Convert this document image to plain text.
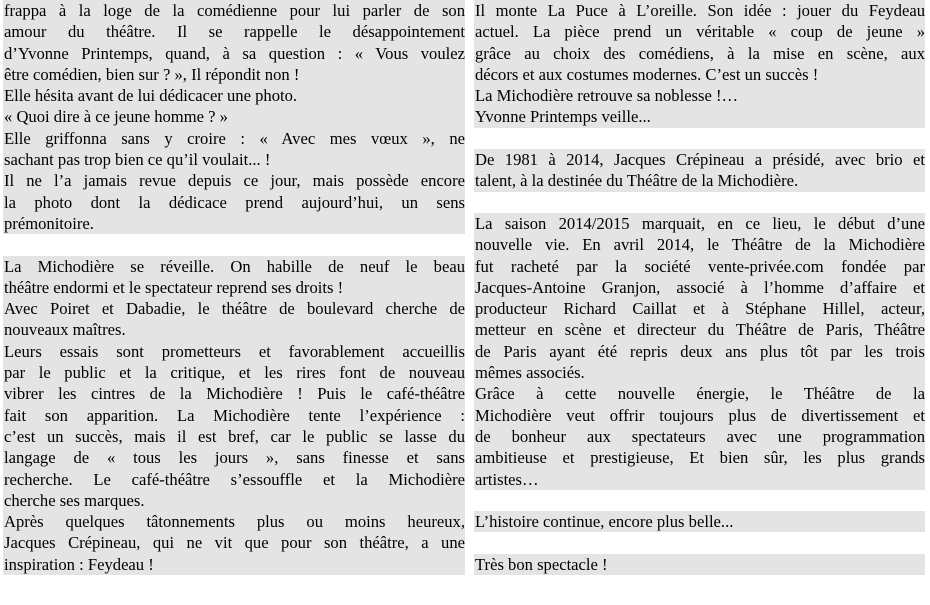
frappa à la loge de la comédienne pour lui parler de son
amour du théâtre. Il se rappelle le désappointement
d’Yvonne Printemps, quand, à sa question : « Vous voulez
être comédien, bien sur ? », Il répondit non !
Elle hésita avant de lui dédicacer une photo.
« Quoi dire à ce jeune homme ? »
Elle griffonna sans y croire : « Avec mes vœux », ne
sachant pas trop bien ce qu’il voulait... !
Il ne l’a jamais revue depuis ce jour, mais possède encore
la photo dont la dédicace prend aujourd’hui, un sens
prémonitoire.
La Michodière se réveille. On habille de neuf le beau
théâtre endormi et le spectateur reprend ses droits !
Avec Poiret et Dabadie, le théâtre de boulevard cherche de
nouveaux maîtres.
Leurs essais sont prometteurs et favorablement accueillis
par le public et la critique, et les rires font de nouveau
vibrer les cintres de la Michodière ! Puis le café-théâtre
fait son apparition. La Michodière tente l’expérience :
c’est un succès, mais il est bref, car le public se lasse du
langage de « tous les jours », sans finesse et sans
recherche. Le café-théâtre s’essouffle et la Michodière
cherche ses marques.
Après quelques tâtonnements plus ou moins heureux,
Jacques Crépineau, qui ne vit que pour son théâtre, a une
inspiration : Feydeau !
Il monte La Puce à L’oreille. Son idée : jouer du Feydeau
actuel. La pièce prend un véritable « coup de jeune »
grâce au choix des comédiens, à la mise en scène, aux
décors et aux costumes modernes. C’est un succès !
La Michodière retrouve sa noblesse !…
Yvonne Printemps veille...
De 1981 à 2014, Jacques Crépineau a présidé, avec brio et
talent, à la destinée du Théâtre de la Michodière.
La saison 2014/2015 marquait, en ce lieu, le début d’une
nouvelle vie. En avril 2014, le Théâtre de la Michodière
fut racheté par la société vente-privée.com fondée par
Jacques-Antoine Granjon, associé à l’homme d’affaire et
producteur Richard Caillat et à Stéphane Hillel, acteur,
metteur en scène et directeur du Théâtre de Paris, Théâtre
de Paris ayant été repris deux ans plus tôt par les trois
mêmes associés.
Grâce à cette nouvelle énergie, le Théâtre de la
Michodière veut offrir toujours plus de divertissement et
de bonheur aux spectateurs avec une programmation
ambitieuse et prestigieuse, Et bien sûr, les plus grands
artistes…
L’histoire continue, encore plus belle...
Très bon spectacle !
